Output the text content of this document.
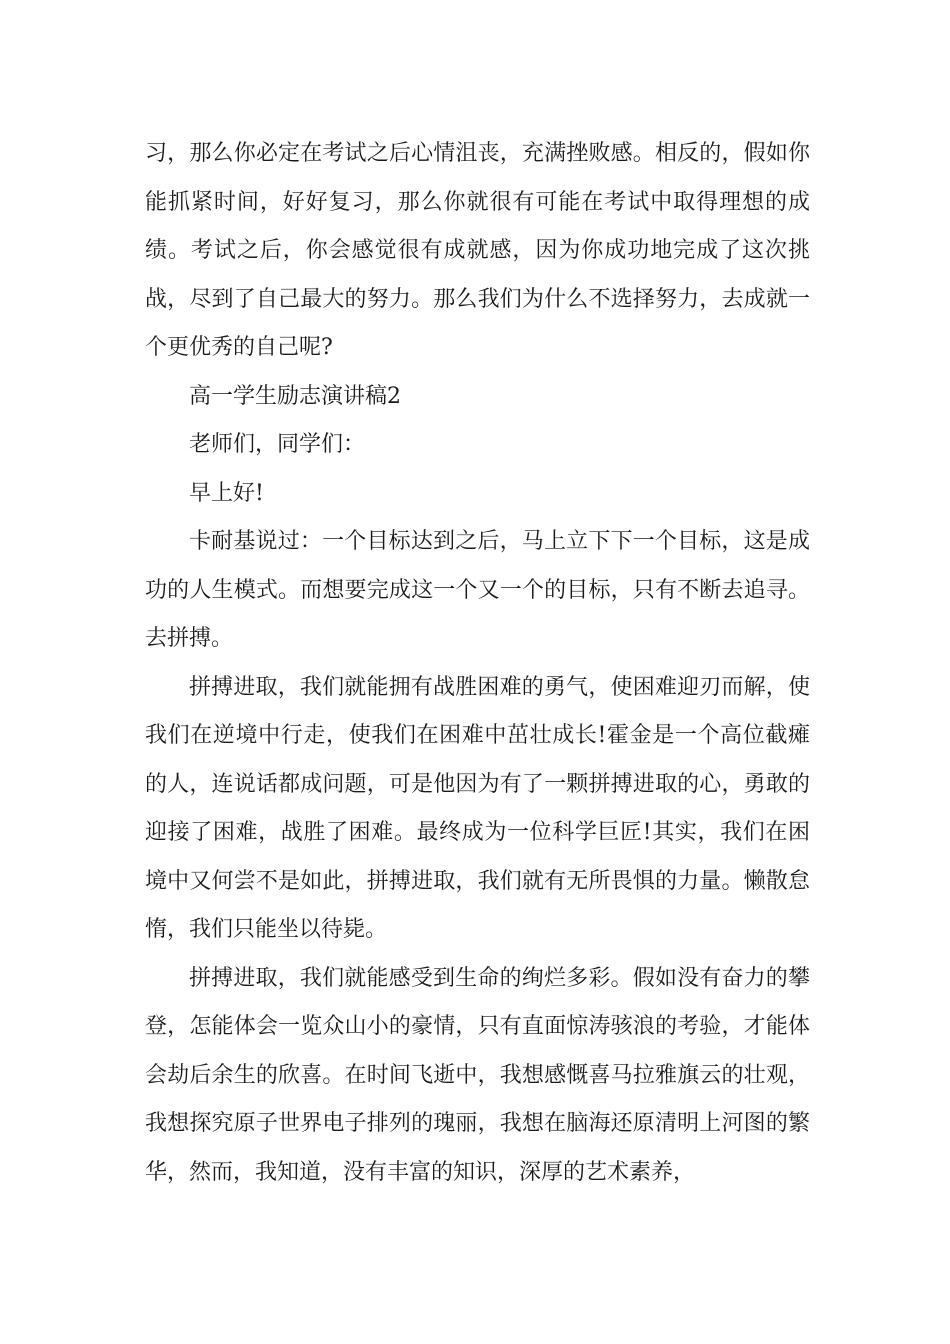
习，那么你必定在考试之后心情沮丧，充满挫败感。相反的，假如你能抓紧时间，好好复习，那么你就很有可能在考试中取得理想的成绩。考试之后，你会感觉很有成就感，因为你成功地完成了这次挑战，尽到了自己最大的努力。那么我们为什么不选择努力，去成就一个更优秀的自己呢?

高一学生励志演讲稿2

老师们，同学们：

早上好!

卡耐基说过：一个目标达到之后，马上立下下一个目标，这是成功的人生模式。而想要完成这一个又一个的目标，只有不断去追寻。去拼搏。

拼搏进取，我们就能拥有战胜困难的勇气，使困难迎刃而解，使我们在逆境中行走，使我们在困难中茁壮成长!霍金是一个高位截瘫的人，连说话都成问题，可是他因为有了一颗拼搏进取的心，勇敢的迎接了困难，战胜了困难。最终成为一位科学巨匠!其实，我们在困境中又何尝不是如此，拼搏进取，我们就有无所畏惧的力量。懒散怠惰，我们只能坐以待毙。

拼搏进取，我们就能感受到生命的绚烂多彩。假如没有奋力的攀登，怎能体会一览众山小的豪情，只有直面惊涛骇浪的考验，才能体会劫后余生的欣喜。在时间飞逝中，我想感慨喜马拉雅旗云的壮观，我想探究原子世界电子排列的瑰丽，我想在脑海还原清明上河图的繁华，然而，我知道，没有丰富的知识，深厚的艺术素养，
